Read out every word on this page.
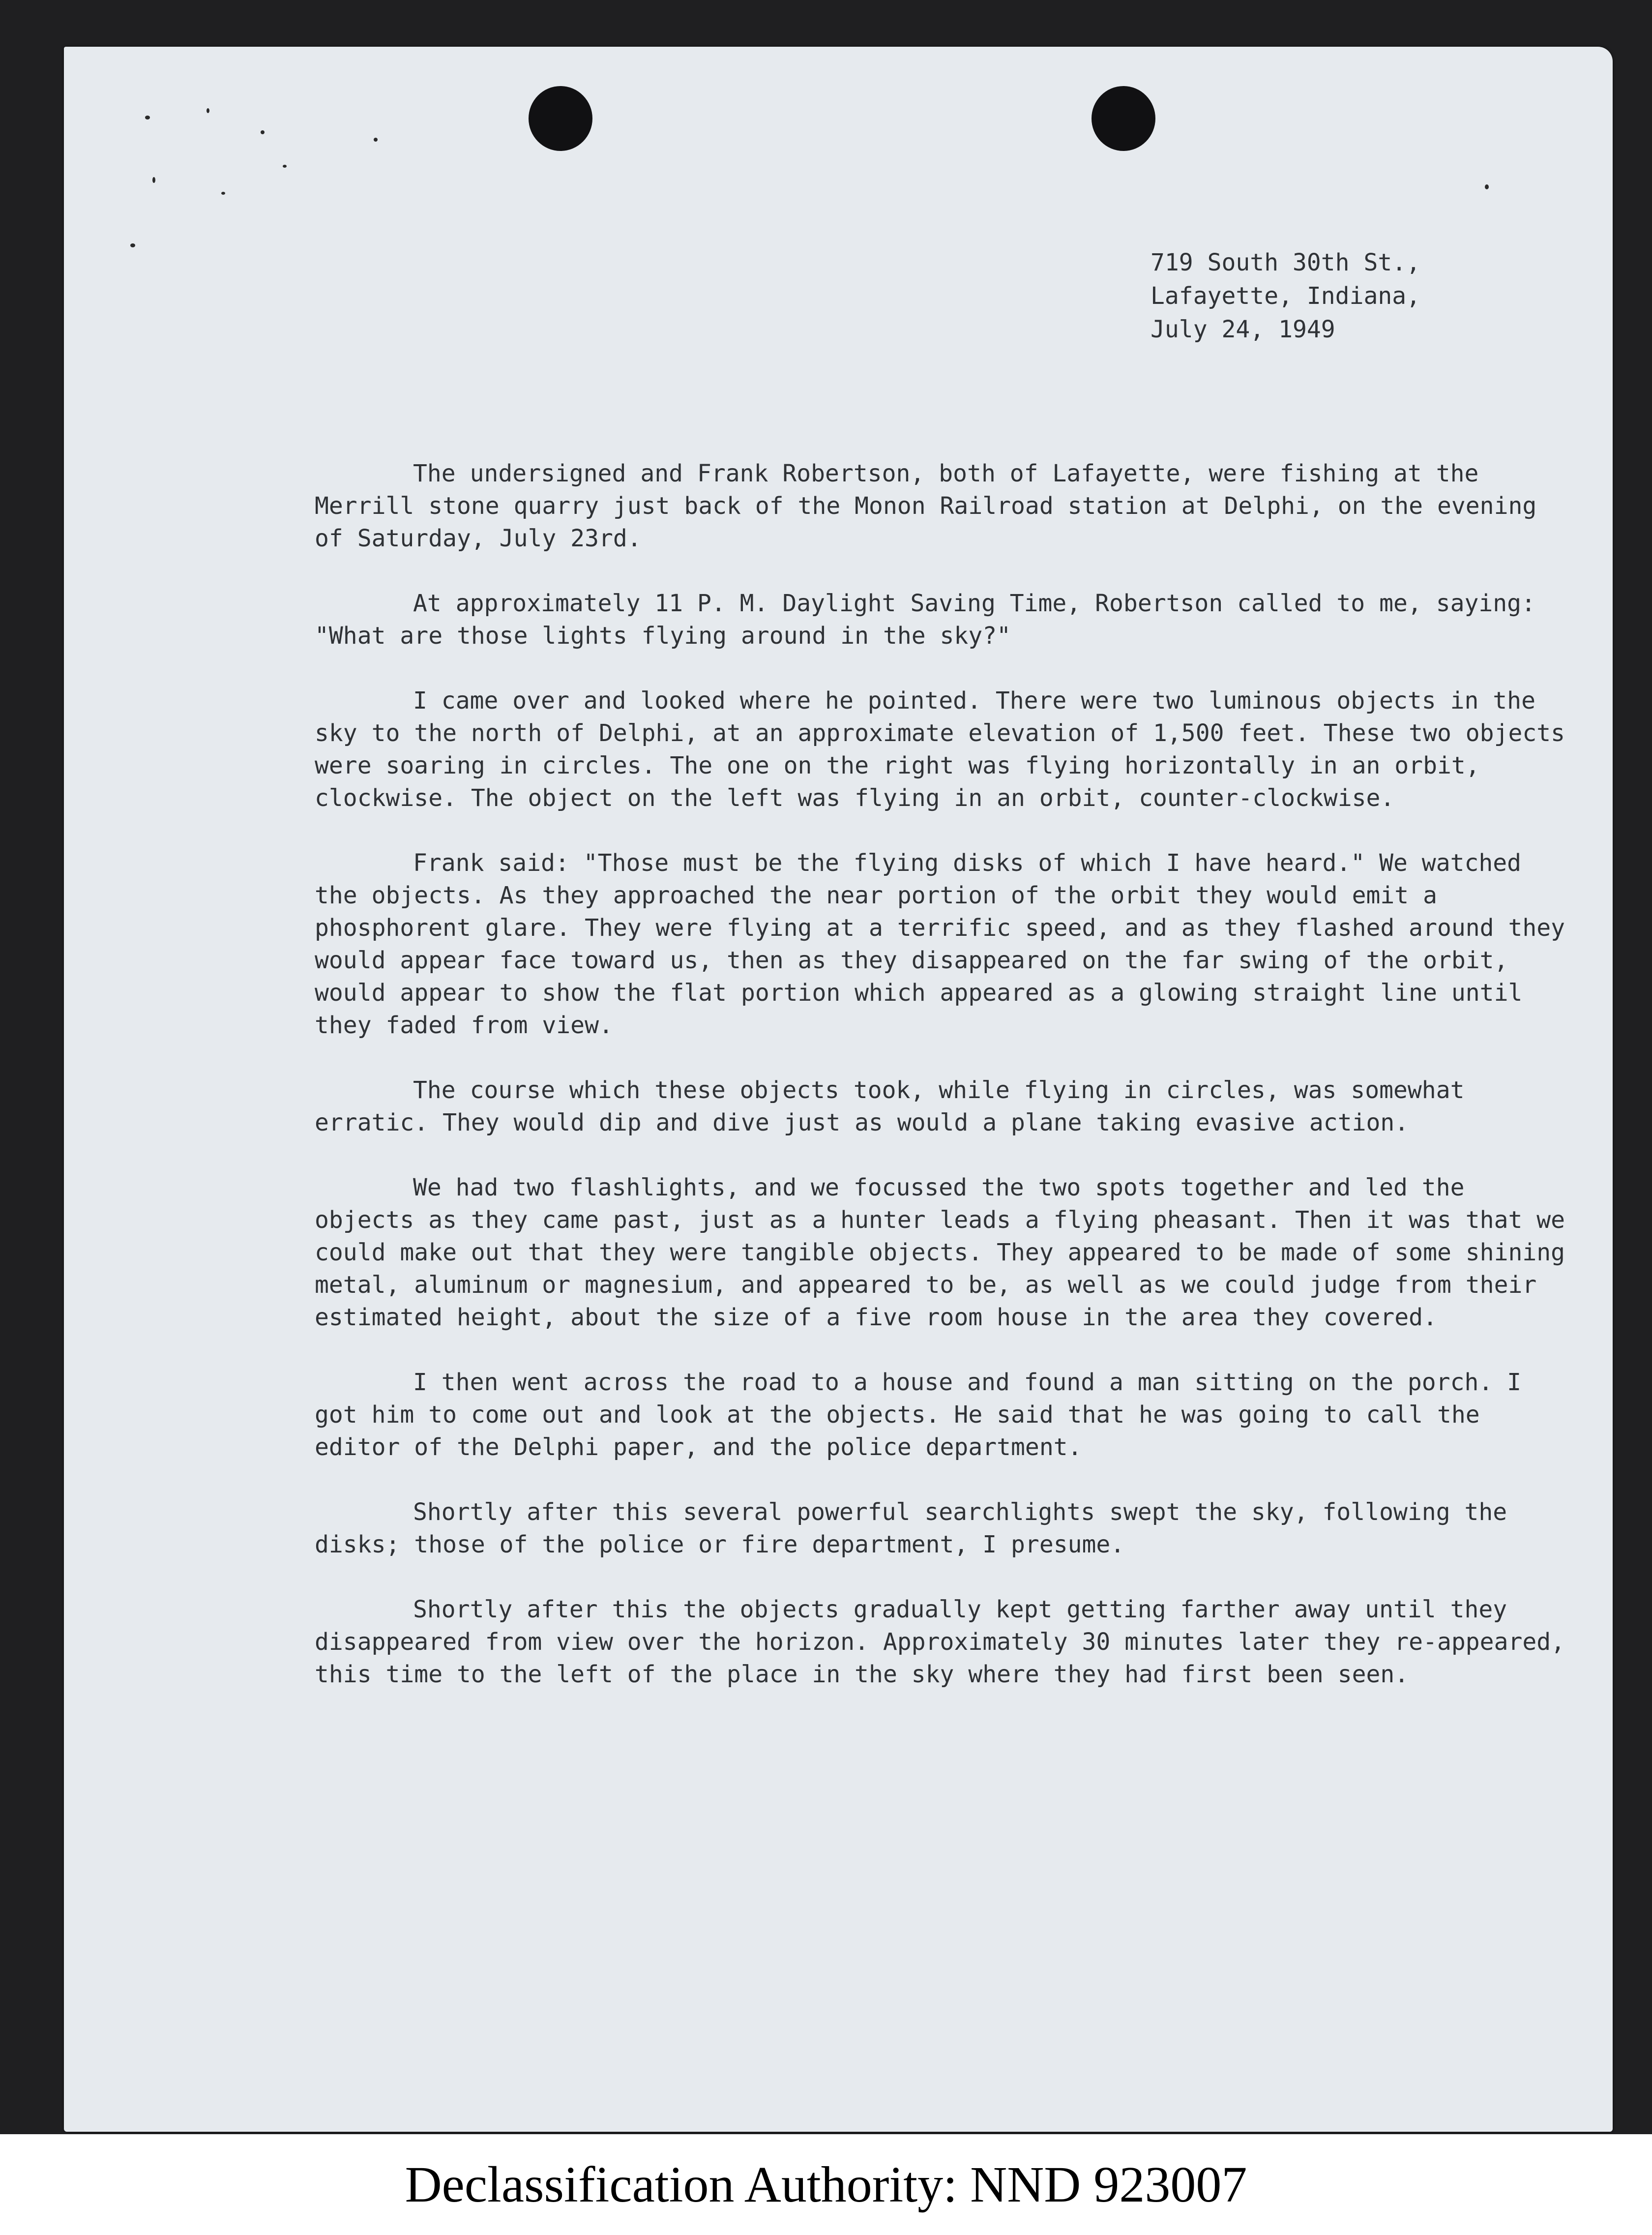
719 South 30th St.,
Lafayette, Indiana,
July 24, 1949

The undersigned and Frank Robertson, both of Lafayette, were fishing at the Merrill stone quarry just back of the Monon Railroad station at Delphi, on the evening of Saturday, July 23rd.

At approximately 11 P. M. Daylight Saving Time, Robertson called to me, saying: "What are those lights flying around in the sky?"

I came over and looked where he pointed. There were two luminous objects in the sky to the north of Delphi, at an approximate elevation of 1,500 feet. These two objects were soaring in circles. The one on the right was flying horizontally in an orbit, clockwise. The object on the left was flying in an orbit, counter-clockwise.

Frank said: "Those must be the flying disks of which I have heard." We watched the objects. As they approached the near portion of the orbit they would emit a phosphorent glare. They were flying at a terrific speed, and as they flashed around they would appear face toward us, then as they disappeared on the far swing of the orbit, would appear to show the flat portion which appeared as a glowing straight line until they faded from view.

The course which these objects took, while flying in circles, was somewhat erratic. They would dip and dive just as would a plane taking evasive action.

We had two flashlights, and we focussed the two spots together and led the objects as they came past, just as a hunter leads a flying pheasant. Then it was that we could make out that they were tangible objects. They appeared to be made of some shining metal, aluminum or magnesium, and appeared to be, as well as we could judge from their estimated height, about the size of a five room house in the area they covered.

I then went across the road to a house and found a man sitting on the porch. I got him to come out and look at the objects. He said that he was going to call the editor of the Delphi paper, and the police department.

Shortly after this several powerful searchlights swept the sky, following the disks; those of the police or fire department, I presume.

Shortly after this the objects gradually kept getting farther away until they disappeared from view over the horizon. Approximately 30 minutes later they re-appeared, this time to the left of the place in the sky where they had first been seen.

Declassification Authority: NND 923007
